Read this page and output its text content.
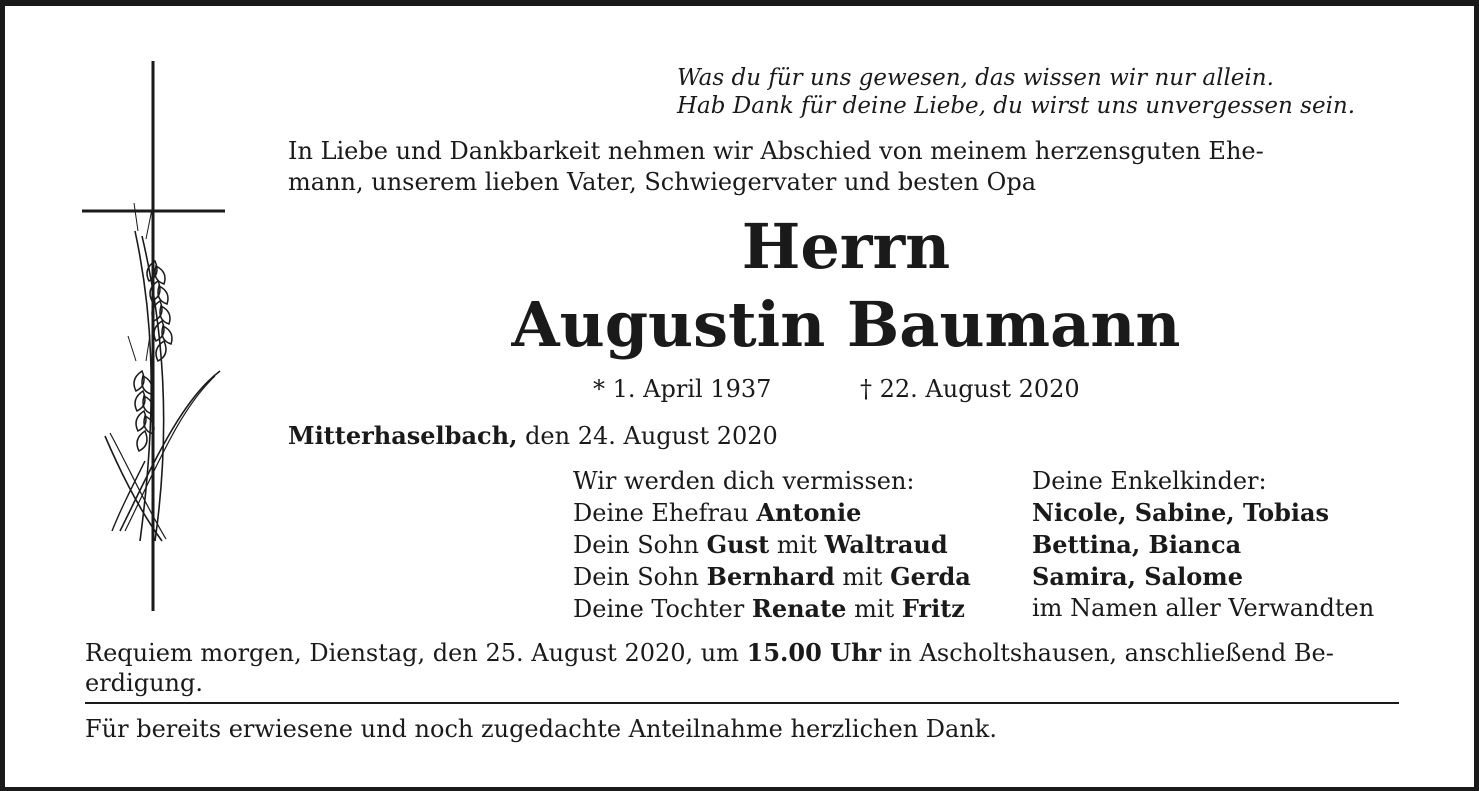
Was du für uns gewesen, das wissen wir nur allein.
Hab Dank für deine Liebe, du wirst uns unvergessen sein.
In Liebe und Dankbarkeit nehmen wir Abschied von meinem herzensguten Ehe-
mann, unserem lieben Vater, Schwiegervater und besten Opa
Herrn
Augustin Baumann
* 1. April 1937	† 22. August 2020
Mitterhaselbach, den 24. August 2020
Wir werden dich vermissen:
Deine Ehefrau Antonie
Dein Sohn Gust mit Waltraud
Dein Sohn Bernhard mit Gerda
Deine Tochter Renate mit Fritz
Deine Enkelkinder:
Nicole, Sabine, Tobias
Bettina, Bianca
Samira, Salome
im Namen aller Verwandten
Requiem morgen, Dienstag, den 25. August 2020, um 15.00 Uhr in Ascholtshausen, anschließend Be-
erdigung.
Für bereits erwiesene und noch zugedachte Anteilnahme herzlichen Dank.
